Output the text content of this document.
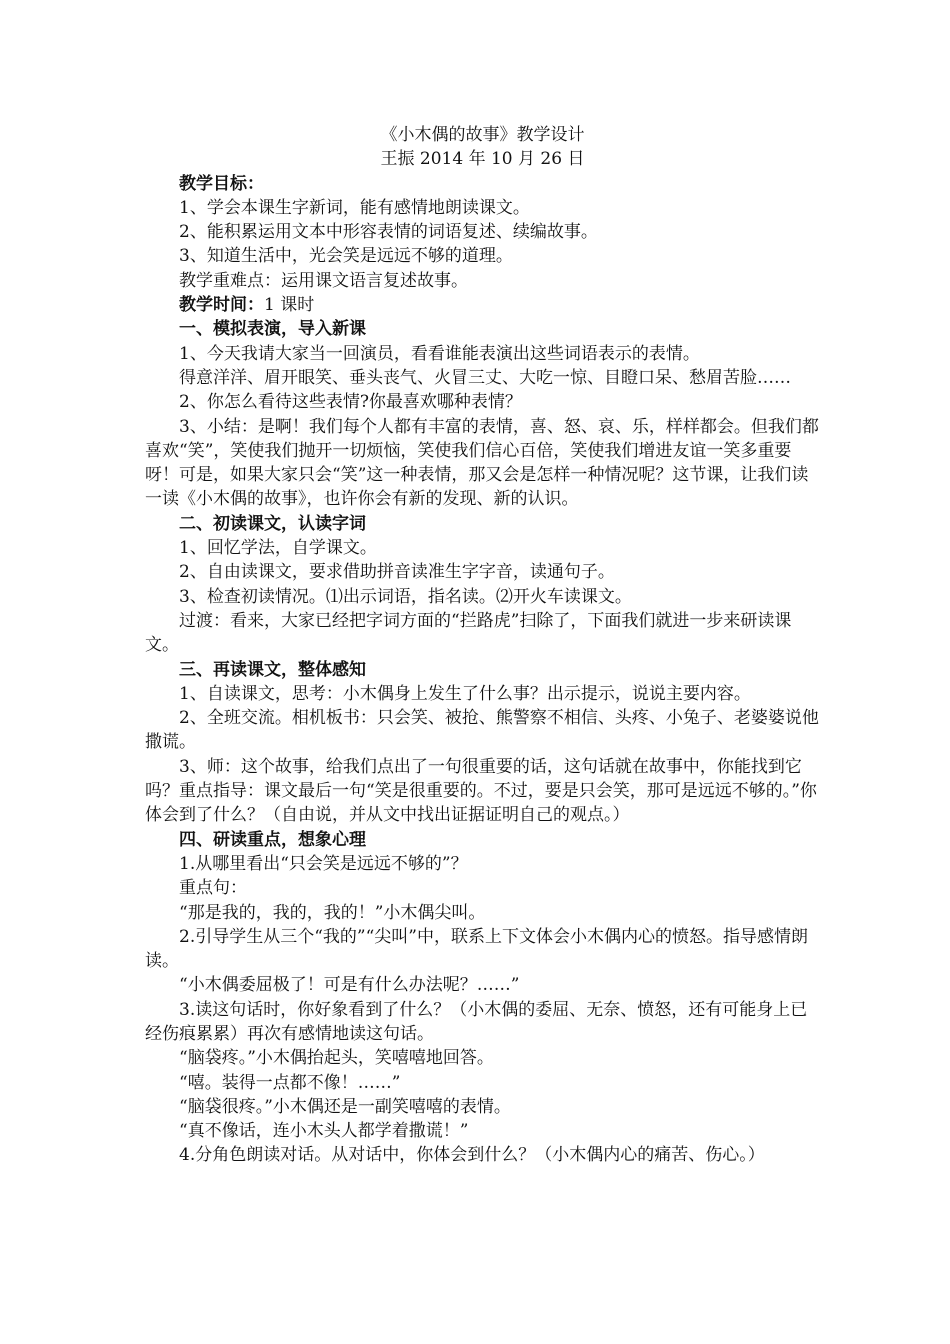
《小木偶的故事》教学设计
王振 2014 年 10 月 26 日

教学目标：

1、学会本课生字新词，能有感情地朗读课文。

2、能积累运用文本中形容表情的词语复述、续编故事。

3、知道生活中，光会笑是远远不够的道理。

教学重难点：运用课文语言复述故事。

教学时间：1 课时

一、模拟表演，导入新课

1、今天我请大家当一回演员，看看谁能表演出这些词语表示的表情。

得意洋洋、眉开眼笑、垂头丧气、火冒三丈、大吃一惊、目瞪口呆、愁眉苦脸……

2、你怎么看待这些表情?你最喜欢哪种表情？

3、小结：是啊！我们每个人都有丰富的表情，喜、怒、哀、乐，样样都会。但我们都喜欢“笑”，笑使我们抛开一切烦恼，笑使我们信心百倍，笑使我们增进友谊一笑多重要呀！可是，如果大家只会“笑”这一种表情，那又会是怎样一种情况呢？这节课，让我们读一读《小木偶的故事》，也许你会有新的发现、新的认识。

二、初读课文，认读字词

1、回忆学法，自学课文。

2、自由读课文，要求借助拼音读准生字字音，读通句子。

3、检查初读情况。⑴出示词语，指名读。⑵开火车读课文。

过渡：看来，大家已经把字词方面的“拦路虎”扫除了，下面我们就进一步来研读课文。

三、再读课文，整体感知

1、自读课文，思考：小木偶身上发生了什么事？出示提示，说说主要内容。

2、全班交流。相机板书：只会笑、被抢、熊警察不相信、头疼、小兔子、老婆婆说他撒谎。

3、师：这个故事，给我们点出了一句很重要的话，这句话就在故事中，你能找到它吗？重点指导：课文最后一句“笑是很重要的。不过，要是只会笑，那可是远远不够的。”你体会到了什么？（自由说，并从文中找出证据证明自己的观点。）

四、研读重点，想象心理

1.从哪里看出“只会笑是远远不够的”？

重点句：

“那是我的，我的，我的！”小木偶尖叫。

2.引导学生从三个“我的”“尖叫”中，联系上下文体会小木偶内心的愤怒。指导感情朗读。

“小木偶委屈极了！可是有什么办法呢？……”

3.读这句话时，你好象看到了什么？（小木偶的委屈、无奈、愤怒，还有可能身上已经伤痕累累）再次有感情地读这句话。

“脑袋疼。”小木偶抬起头，笑嘻嘻地回答。

“嘻。装得一点都不像！……”

“脑袋很疼。”小木偶还是一副笑嘻嘻的表情。

“真不像话，连小木头人都学着撒谎！”

4.分角色朗读对话。从对话中，你体会到什么？（小木偶内心的痛苦、伤心。）
